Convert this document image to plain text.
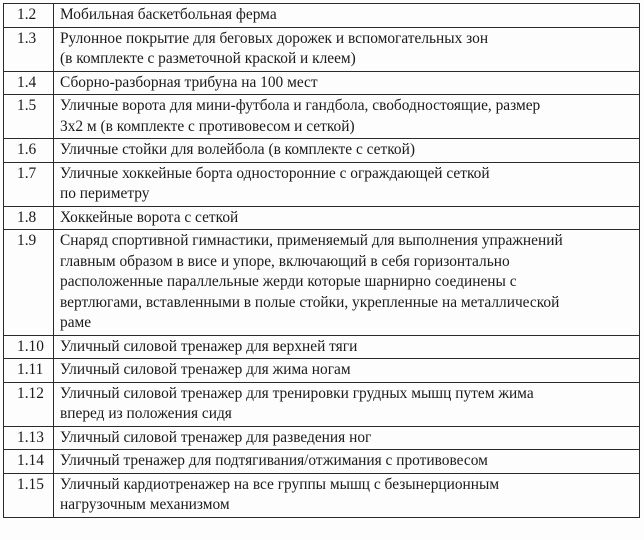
1.2	Мобильная баскетбольная ферма

1.3	Рулонное покрытие для беговых дорожек и вспомогательных зон
(в комплекте с разметочной краской и клеем)

1.4	Сборно-разборная трибуна на 100 мест

1.5	Уличные ворота для мини-футбола и гандбола, свободностоящие, размер
3х2 м (в комплекте с противовесом и сеткой)

1.6	Уличные стойки для волейбола (в комплекте с сеткой)

1.7	Уличные хоккейные борта односторонние с ограждающей сеткой
по периметру

1.8	Хоккейные ворота с сеткой

1.9	Снаряд спортивной гимнастики, применяемый для выполнения упражнений
главным образом в висе и упоре, включающий в себя горизонтально
расположенные параллельные жерди которые шарнирно соединены с
вертлюгами, вставленными в полые стойки, укрепленные на металлической
раме

1.10	Уличный силовой тренажер для верхней тяги

1.11	Уличный силовой тренажер для жима ногам

1.12	Уличный силовой тренажер для тренировки грудных мышц путем жима
вперед из положения сидя

1.13	Уличный силовой тренажер для разведения ног

1.14	Уличный тренажер для подтягивания/отжимания с противовесом

1.15	Уличный кардиотренажер на все группы мышц с безынерционным
нагрузочным механизмом
